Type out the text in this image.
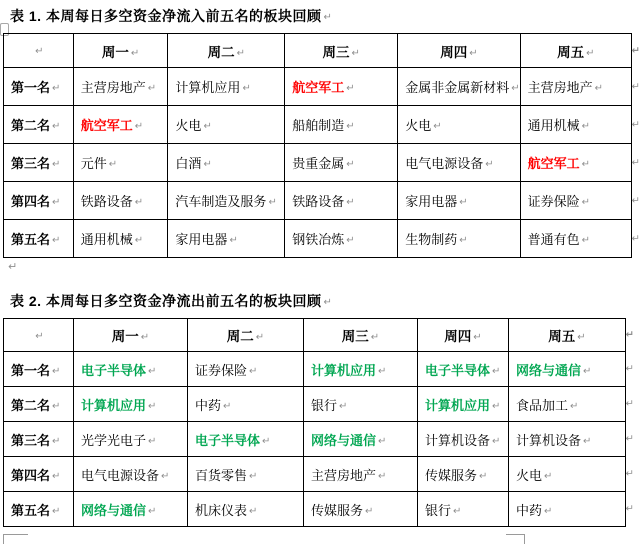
表 1. 本周每日多空资金净流入前五名的板块回顾 ↵
↵	周一 ↵	周二 ↵	周三 ↵	周四 ↵	周五 ↵ ↵

第一名 ↵	主营房地产 ↵	计算机应用 ↵	航空军工 ↵	金属非金属新材料 ↵	主营房地产 ↵ ↵

第二名 ↵	航空军工 ↵	火电 ↵	船舶制造 ↵	火电 ↵	通用机械 ↵ ↵

第三名 ↵	元件 ↵	白酒 ↵	贵重金属 ↵	电气电源设备 ↵	航空军工 ↵ ↵

第四名 ↵	铁路设备 ↵	汽车制造及服务 ↵	铁路设备 ↵	家用电器 ↵	证券保险 ↵ ↵

第五名 ↵	通用机械 ↵	家用电器 ↵	钢铁冶炼 ↵	生物制药 ↵	普通有色 ↵ ↵
↵
表 2. 本周每日多空资金净流出前五名的板块回顾 ↵
↵	周一 ↵	周二 ↵	周三 ↵	周四 ↵	周五 ↵ ↵

第一名 ↵	电子半导体 ↵	证券保险 ↵	计算机应用 ↵	电子半导体 ↵	网络与通信 ↵ ↵

第二名 ↵	计算机应用 ↵	中药 ↵	银行 ↵	计算机应用 ↵	食品加工 ↵ ↵

第三名 ↵	光学光电子 ↵	电子半导体 ↵	网络与通信 ↵	计算机设备 ↵	计算机设备 ↵ ↵

第四名 ↵	电气电源设备 ↵	百货零售 ↵	主营房地产 ↵	传媒服务 ↵	火电 ↵ ↵

第五名 ↵	网络与通信 ↵	机床仪表 ↵	传媒服务 ↵	银行 ↵	中药 ↵ ↵
